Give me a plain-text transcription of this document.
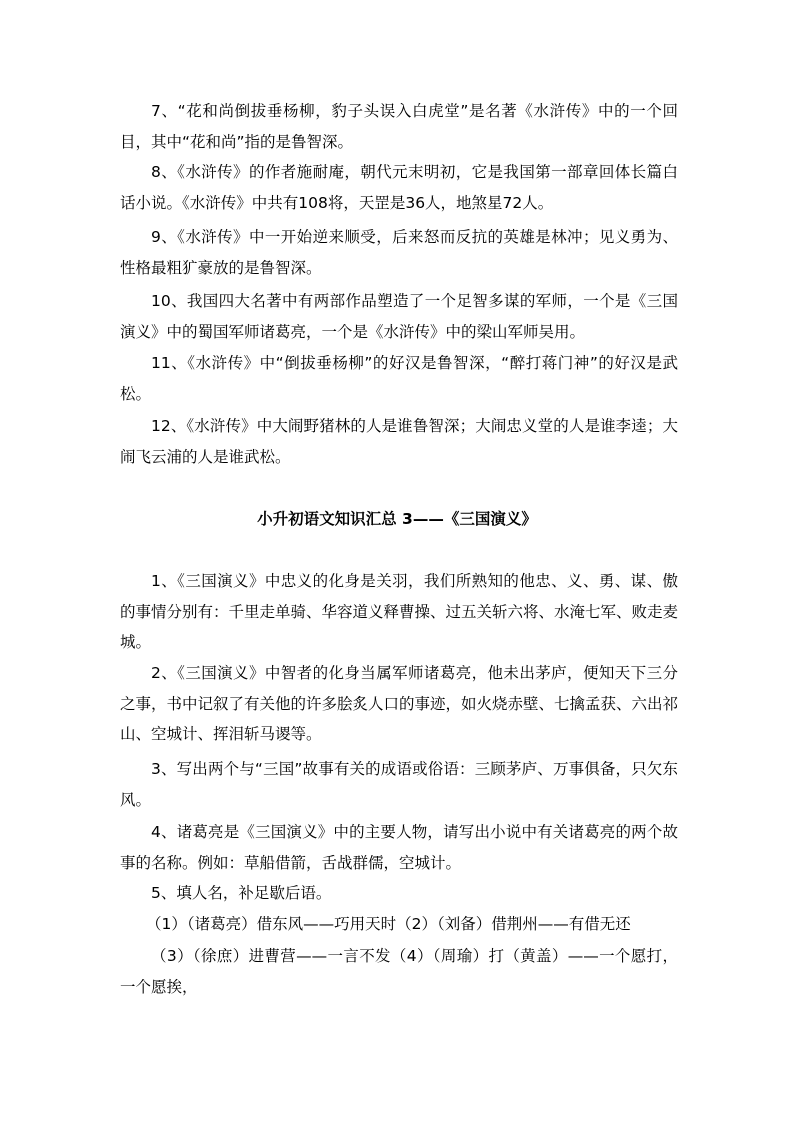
7、“花和尚倒拔垂杨柳，豹子头误入白虎堂”是名著《水浒传》中的一个回目，其中“花和尚”指的是鲁智深。

8、《水浒传》的作者施耐庵，朝代元末明初，它是我国第一部章回体长篇白话小说。《水浒传》中共有108将，天罡是36人，地煞星72人。

9、《水浒传》中一开始逆来顺受，后来怒而反抗的英雄是林冲；见义勇为、性格最粗犷豪放的是鲁智深。

10、我国四大名著中有两部作品塑造了一个足智多谋的军师，一个是《三国演义》中的蜀国军师诸葛亮，一个是《水浒传》中的梁山军师吴用。

11、《水浒传》中“倒拔垂杨柳”的好汉是鲁智深，“醉打蒋门神”的好汉是武松。

12、《水浒传》中大闹野猪林的人是谁鲁智深；大闹忠义堂的人是谁李逵；大闹飞云浦的人是谁武松。

小升初语文知识汇总 3——《三国演义》

1、《三国演义》中忠义的化身是关羽，我们所熟知的他忠、义、勇、谋、傲的事情分别有：千里走单骑、华容道义释曹操、过五关斩六将、水淹七军、败走麦城。

2、《三国演义》中智者的化身当属军师诸葛亮，他未出茅庐，便知天下三分之事，书中记叙了有关他的许多脍炙人口的事迹，如火烧赤壁、七擒孟获、六出祁山、空城计、挥泪斩马谡等。

3、写出两个与“三国”故事有关的成语或俗语：三顾茅庐、万事俱备，只欠东风。

4、诸葛亮是《三国演义》中的主要人物，请写出小说中有关诸葛亮的两个故事的名称。例如：草船借箭，舌战群儒，空城计。

5、填人名，补足歇后语。

（1）（诸葛亮）借东风——巧用天时（2）（刘备）借荆州——有借无还

（3）（徐庶）进曹营——一言不发（4）（周瑜）打（黄盖）——一个愿打，一个愿挨，
